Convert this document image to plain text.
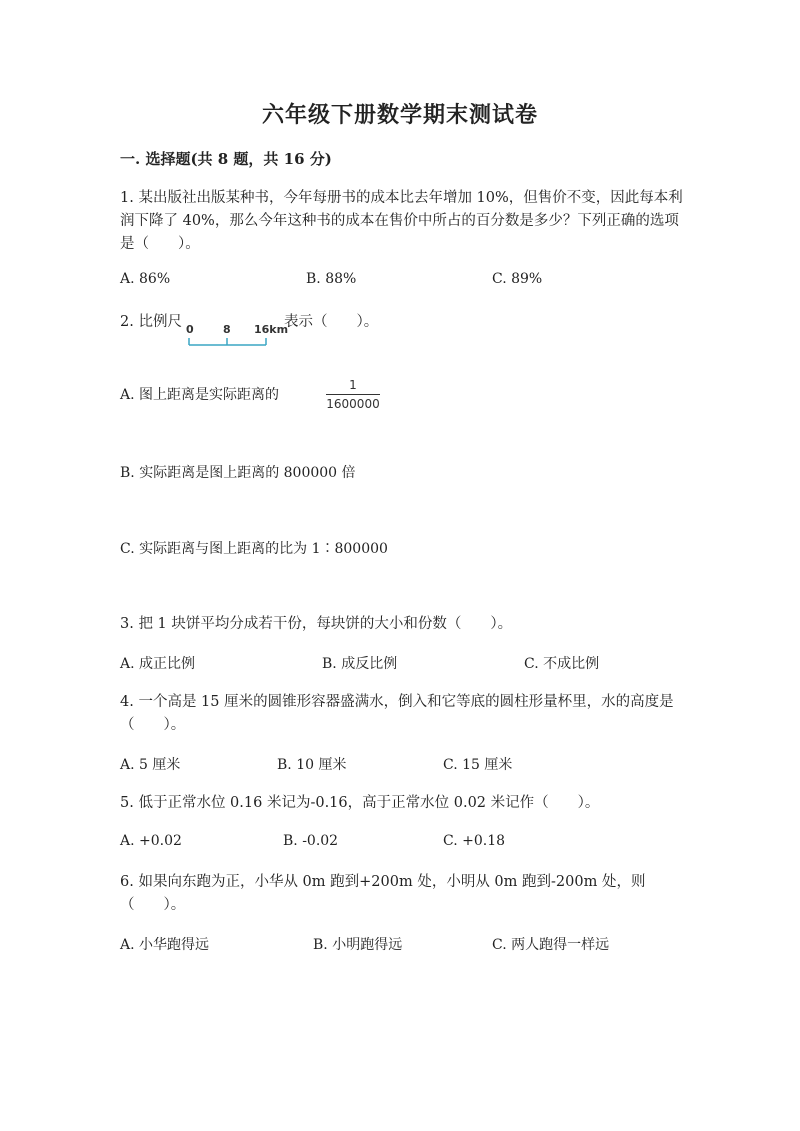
六年级下册数学期末测试卷
一. 选择题(共 8 题，共 16 分)
1. 某出版社出版某种书，今年每册书的成本比去年增加 10%，但售价不变，因此每本利润下降了 40%，那么今年这种书的成本在售价中所占的百分数是多少？下列正确的选项是（　　）。
A. 86%	B. 88%	C. 89%
2. 比例尺 0	8 16km
表示（　　）。
A. 图上距离是实际距离的
1
1600000
B. 实际距离是图上距离的 800000 倍
C. 实际距离与图上距离的比为 1∶800000
3. 把 1 块饼平均分成若干份，每块饼的大小和份数（　　）。
A. 成正比例	B. 成反比例	C. 不成比例
4. 一个高是 15 厘米的圆锥形容器盛满水，倒入和它等底的圆柱形量杯里，水的高度是（　　）。
A. 5 厘米	B. 10 厘米	C. 15 厘米
5. 低于正常水位 0.16 米记为-0.16，高于正常水位 0.02 米记作（　　）。
A. +0.02	B. -0.02	C. +0.18
6. 如果向东跑为正，小华从 0m 跑到+200m 处，小明从 0m 跑到-200m 处，则（　　）。
A. 小华跑得远	B. 小明跑得远	C. 两人跑得一样远
